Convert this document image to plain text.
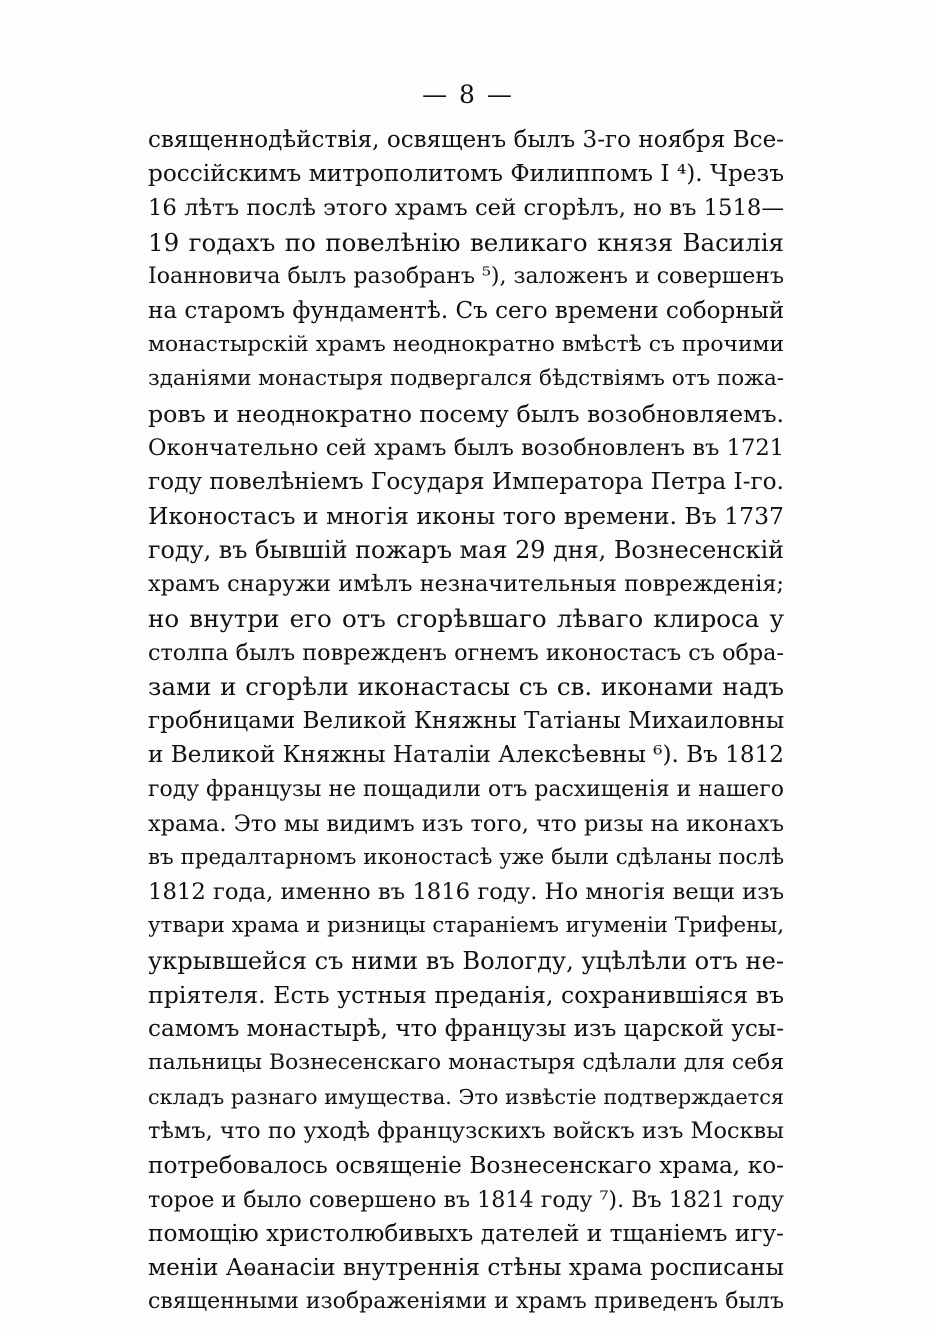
— 8 —
священнодѣйствія, освященъ былъ 3-го ноября Все-
россійскимъ митрополитомъ Филиппомъ I ⁴). Чрезъ
16 лѣтъ послѣ этого храмъ сей сгорѣлъ, но въ 1518—
19 годахъ по повелѣнію великаго князя Василія
Іоанновича былъ разобранъ ⁵), заложенъ и совершенъ
на старомъ фундаментѣ. Съ сего времени соборный
монастырскій храмъ неоднократно вмѣстѣ съ прочими
зданіями монастыря подвергался бѣдствіямъ отъ пожа-
ровъ и неоднократно посему былъ возобновляемъ.
Окончательно сей храмъ былъ возобновленъ въ 1721
году повелѣніемъ Государя Императора Петра I-го.
Иконостасъ и многія иконы того времени. Въ 1737
году, въ бывшій пожаръ мая 29 дня, Вознесенскій
храмъ снаружи имѣлъ незначительныя поврежденія;
но внутри его отъ сгорѣвшаго лѣваго клироса у
столпа былъ поврежденъ огнемъ иконостасъ съ обра-
зами и сгорѣли иконастасы съ св. иконами надъ
гробницами Великой Княжны Татіаны Михаиловны
и Великой Княжны Наталіи Алексѣевны ⁶). Въ 1812
году французы не пощадили отъ расхищенія и нашего
храма. Это мы видимъ изъ того, что ризы на иконахъ
въ предалтарномъ иконостасѣ уже были сдѣланы послѣ
1812 года, именно въ 1816 году. Но многія вещи изъ
утвари храма и ризницы стараніемъ игуменіи Трифены,
укрывшейся съ ними въ Вологду, уцѣлѣли отъ не-
пріятеля. Есть устныя преданія, сохранившіяся въ
самомъ монастырѣ, что французы изъ царской усы-
пальницы Вознесенскаго монастыря сдѣлали для себя
складъ разнаго имущества. Это извѣстіе подтверждается
тѣмъ, что по уходѣ французскихъ войскъ изъ Москвы
потребовалось освященіе Вознесенскаго храма, ко-
торое и было совершено въ 1814 году ⁷). Въ 1821 году
помощію христолюбивыхъ дателей и тщаніемъ игу-
меніи Аѳанасіи внутреннія стѣны храма росписаны
священными изображеніями и храмъ приведенъ былъ
